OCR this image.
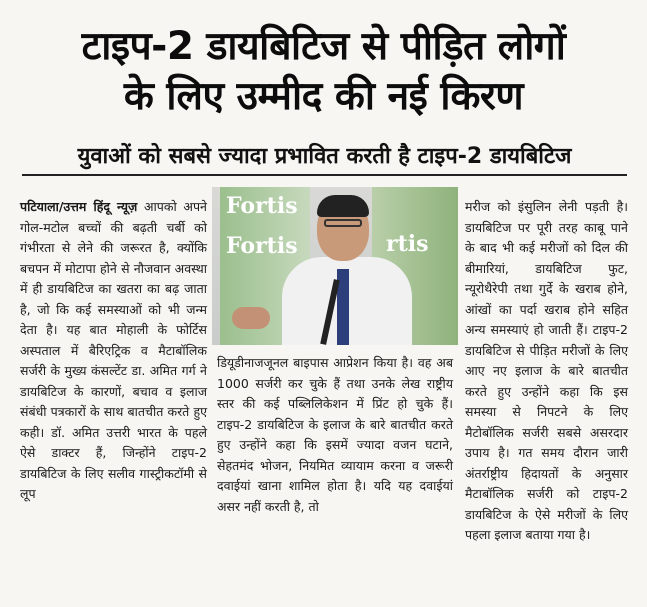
टाइप-2 डायबिटिज से पीड़ित लोगों
के लिए उम्मीद की नई किरण
युवाओं को सबसे ज्यादा प्रभावित करती है टाइप-2 डायबिटिज

पटियाला/उत्तम हिंदू न्यूज़ आपको अपने गोल-मटोल बच्चों की बढ़ती चर्बी को गंभीरता से लेने की जरूरत है, क्योंकि बचपन में मोटापा होने से नौजवान अवस्था में ही डायबिटिज का खतरा का बढ़ जाता है, जो कि कई समस्याओं को भी जन्म देता है। यह बात मोहाली के फोर्टिस अस्पताल में बैरिएट्रिक व मैटाबॉलिक सर्जरी के मुख्य कंसल्टेंट डा. अमित गर्ग ने डायबिटिज के कारणों, बचाव व इलाज संबंधी पत्रकारों के साथ बातचीत करते हुए कही। डॉ. अमित उत्तरी भारत के पहले ऐसे डाक्टर हैं, जिन्होंने टाइप-2 डायबिटिज के लिए सलीव गास्ट्रीकटॉमी से लूप

Fortis
Fortis	rtis

डियूडीनाजजूनल बाइपास आप्रेशन किया है। वह अब 1000 सर्जरी कर चुके हैं तथा उनके लेख राष्ट्रीय स्तर की कई पब्लिलिकेशन में प्रिंट हो चुके हैं। टाइप-2 डायबिटिज के इलाज के बारे बातचीत करते हुए उन्होंने कहा कि इसमें ज्यादा वजन घटाने, सेहतमंद भोजन, नियमित व्यायाम करना व जरूरी दवाईयां खाना शामिल होता है। यदि यह दवाईयां असर नहीं करती है, तो

मरीज को इंसुलिन लेनी पड़ती है। डायबिटिज पर पूरी तरह काबू पाने के बाद भी कई मरीजों को दिल की बीमारियां, डायबिटिज फुट, न्यूरोथैरेपी तथा गुर्दे के खराब होने, आंखों का पर्दा खराब होने सहित अन्य समस्याएं हो जाती हैं। टाइप-2 डायबिटिज से पीड़ित मरीजों के लिए आए नए इलाज के बारे बातचीत करते हुए उन्होंने कहा कि इस समस्या से निपटने के लिए मैटोबॉलिक सर्जरी सबसे असरदार उपाय है। गत समय दौरान जारी अंतर्राष्ट्रीय हिदायतों के अनुसार मैटाबॉलिक सर्जरी को टाइप-2 डायबिटिज के ऐसे मरीजों के लिए पहला इलाज बताया गया है।
